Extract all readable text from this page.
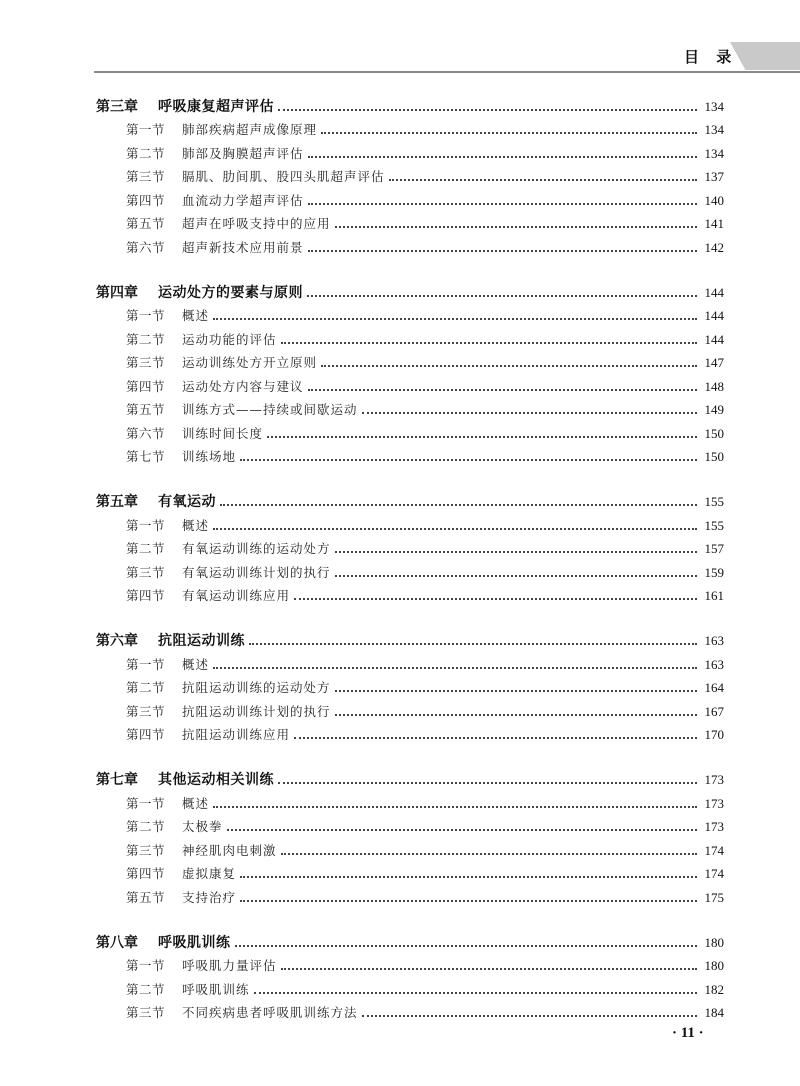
目 录
第三章	呼吸康复超声评估	134
第一节	肺部疾病超声成像原理	134
第二节	肺部及胸膜超声评估	134
第三节	膈肌、肋间肌、股四头肌超声评估	137
第四节	血流动力学超声评估	140
第五节	超声在呼吸支持中的应用	141
第六节	超声新技术应用前景	142
第四章	运动处方的要素与原则	144
第一节	概述	144
第二节	运动功能的评估	144
第三节	运动训练处方开立原则	147
第四节	运动处方内容与建议	148
第五节	训练方式——持续或间歇运动	149
第六节	训练时间长度	150
第七节	训练场地	150
第五章	有氧运动	155
第一节	概述	155
第二节	有氧运动训练的运动处方	157
第三节	有氧运动训练计划的执行	159
第四节	有氧运动训练应用	161
第六章	抗阻运动训练	163
第一节	概述	163
第二节	抗阻运动训练的运动处方	164
第三节	抗阻运动训练计划的执行	167
第四节	抗阻运动训练应用	170
第七章	其他运动相关训练	173
第一节	概述	173
第二节	太极拳	173
第三节	神经肌肉电刺激	174
第四节	虚拟康复	174
第五节	支持治疗	175
第八章	呼吸肌训练	180
第一节	呼吸肌力量评估	180
第二节	呼吸肌训练	182
第三节	不同疾病患者呼吸肌训练方法	184
· 11 ·
